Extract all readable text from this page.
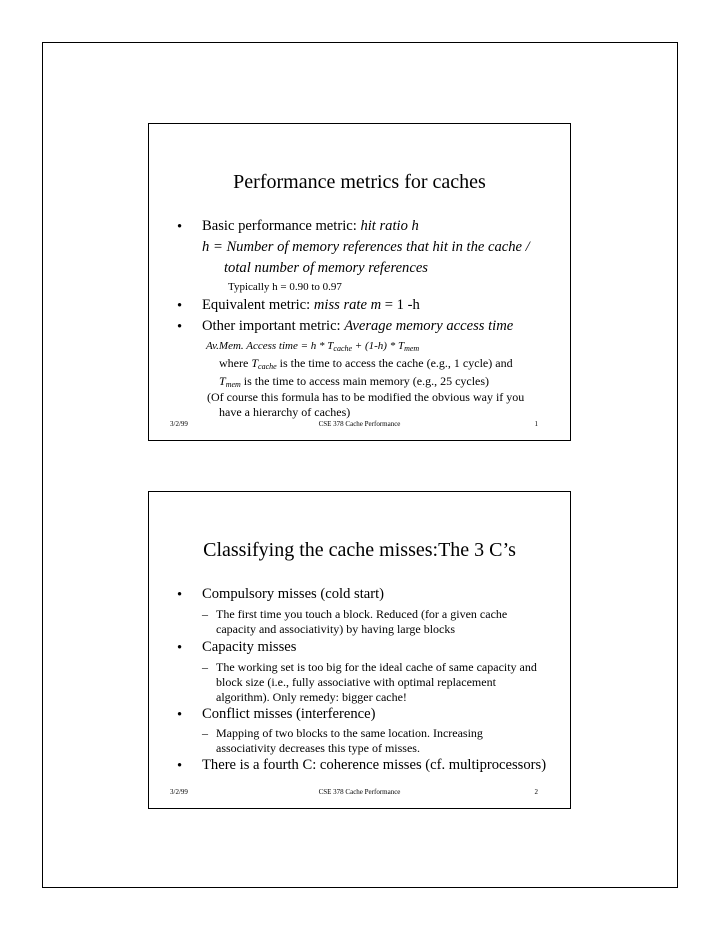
Performance metrics for caches
• Basic performance metric: hit ratio h
h = Number of memory references that hit in the cache /
total number of memory references
Typically h = 0.90 to 0.97
• Equivalent metric: miss rate m = 1 -h
• Other important metric: Average memory access time
Av.Mem. Access time = $h * T_{cache} + (1-h) * T_{mem}$
where $T_{cache}$ is the time to access the cache (e.g., 1 cycle) and
$T_{mem}$ is the time to access main memory (e.g., 25 cycles)
(Of course this formula has to be modified the obvious way if you
have a hierarchy of caches)
3/2/99	CSE 378 Cache Performance	1
Classifying the cache misses:The 3 C’s
• Compulsory misses (cold start)
– The first time you touch a block. Reduced (for a given cache
capacity and associativity) by having large blocks
• Capacity misses
– The working set is too big for the ideal cache of same capacity and
block size (i.e., fully associative with optimal replacement
algorithm). Only remedy: bigger cache!
• Conflict misses (interference)
– Mapping of two blocks to the same location. Increasing
associativity decreases this type of misses.
• There is a fourth C: coherence misses (cf. multiprocessors)
3/2/99	CSE 378 Cache Performance	2
